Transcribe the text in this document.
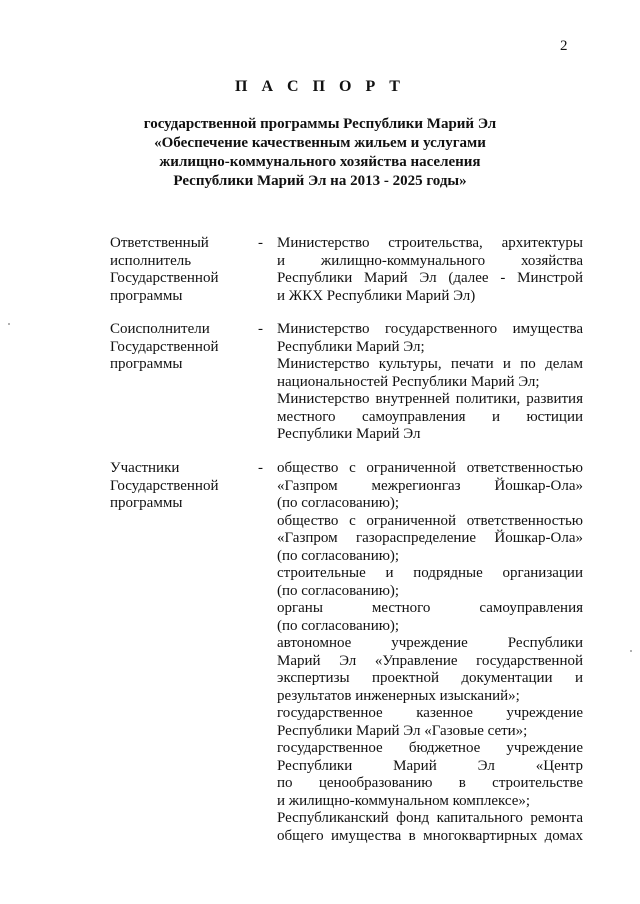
2
П А С П О Р Т
государственной программы Республики Марий Эл
«Обеспечение качественным жильем и услугами
жилищно-коммунального хозяйства населения
Республики Марий Эл на 2013 - 2025 годы»
Ответственный
исполнитель
Государственной
программы
- Министерство строительства, архитектуры
и жилищно-коммунального хозяйства
Республики Марий Эл (далее - Минстрой
и ЖКХ Республики Марий Эл)
Соисполнители
Государственной
программы
- Министерство государственного имущества
Республики Марий Эл;
Министерство культуры, печати и по делам
национальностей Республики Марий Эл;
Министерство внутренней политики, развития
местного самоуправления и юстиции
Республики Марий Эл
Участники
Государственной
программы
- общество с ограниченной ответственностью
«Газпром межрегионгаз Йошкар-Ола»
(по согласованию);
общество с ограниченной ответственностью
«Газпром газораспределение Йошкар-Ола»
(по согласованию);
строительные и подрядные организации
(по согласованию);
органы местного самоуправления
(по согласованию);
автономное учреждение Республики
Марий Эл «Управление государственной
экспертизы проектной документации и
результатов инженерных изысканий»;
государственное казенное учреждение
Республики Марий Эл «Газовые сети»;
государственное бюджетное учреждение
Республики Марий Эл «Центр
по ценообразованию в строительстве
и жилищно-коммунальном комплексе»;
Республиканский фонд капитального ремонта
общего имущества в многоквартирных домах
